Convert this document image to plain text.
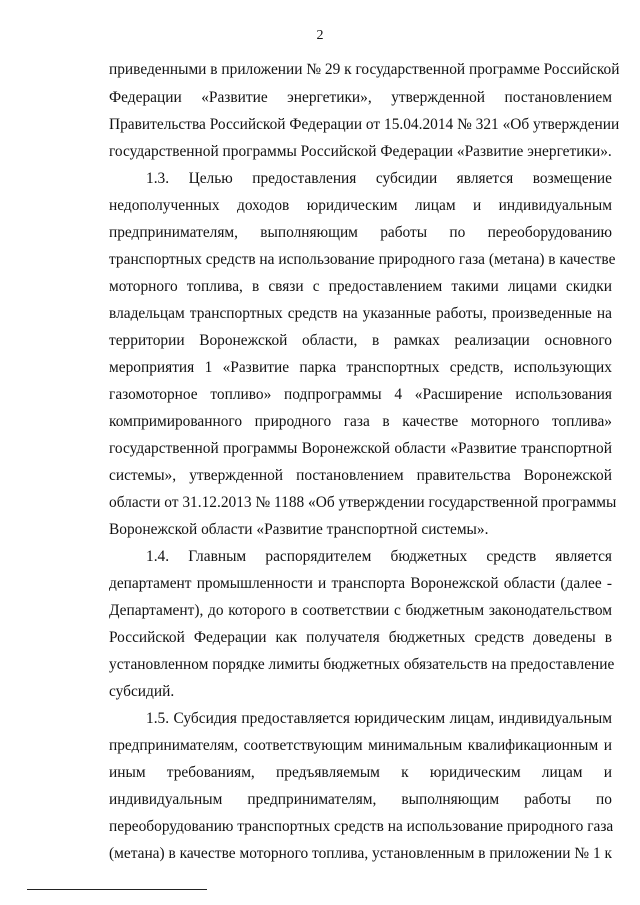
2
приведенными в приложении № 29 к государственной программе Российской
Федерации «Развитие энергетики», утвержденной постановлением
Правительства Российской Федерации от 15.04.2014 № 321 «Об утверждении
государственной программы Российской Федерации «Развитие энергетики».
1.3. Целью предоставления субсидии является возмещение
недополученных доходов юридическим лицам и индивидуальным
предпринимателям, выполняющим работы по переоборудованию
транспортных средств на использование природного газа (метана) в качестве
моторного топлива, в связи с предоставлением такими лицами скидки
владельцам транспортных средств на указанные работы, произведенные на
территории Воронежской области, в рамках реализации основного
мероприятия 1 «Развитие парка транспортных средств, использующих
газомоторное топливо» подпрограммы 4 «Расширение использования
компримированного природного газа в качестве моторного топлива»
государственной программы Воронежской области «Развитие транспортной
системы», утвержденной постановлением правительства Воронежской
области от 31.12.2013 № 1188 «Об утверждении государственной программы
Воронежской области «Развитие транспортной системы».
1.4. Главным распорядителем бюджетных средств является
департамент промышленности и транспорта Воронежской области (далее -
Департамент), до которого в соответствии с бюджетным законодательством
Российской Федерации как получателя бюджетных средств доведены в
установленном порядке лимиты бюджетных обязательств на предоставление
субсидий.
1.5. Субсидия предоставляется юридическим лицам, индивидуальным
предпринимателям, соответствующим минимальным квалификационным и
иным требованиям, предъявляемым к юридическим лицам и
индивидуальным предпринимателям, выполняющим работы по
переоборудованию транспортных средств на использование природного газа
(метана) в качестве моторного топлива, установленным в приложении № 1 к
